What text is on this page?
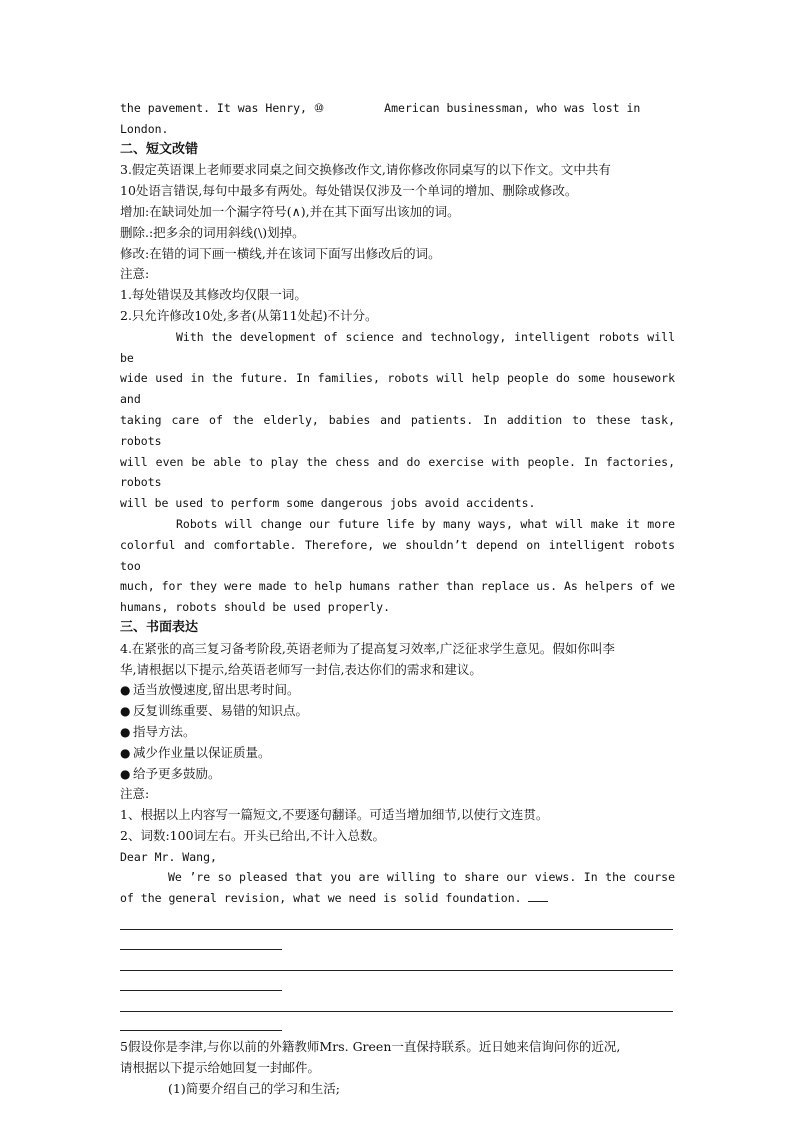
the pavement. It was Henry, ⑩	American businessman, who was lost in
London.
二、短文改错
3.假定英语课上老师要求同桌之间交换修改作文,请你修改你同桌写的以下作文。文中共有
10处语言错误,每句中最多有两处。每处错误仅涉及一个单词的增加、删除或修改。
增加:在缺词处加一个漏字符号(∧),并在其下面写出该加的词。
删除.:把多余的词用斜线(\)划掉。
修改:在错的词下画一横线,并在该词下面写出修改后的词。
注意:
1.每处错误及其修改均仅限一词。
2.只允许修改10处,多者(从第11处起)不计分。
With the development of science and technology, intelligent robots will be
wide used in the future. In families, robots will help people do some housework and
taking care of the elderly, babies and patients. In addition to these task, robots
will even be able to play the chess and do exercise with people. In factories, robots
will be used to perform some dangerous jobs avoid accidents.
Robots will change our future life by many ways, what will make it more
colorful and comfortable. Therefore, we shouldn’t depend on intelligent robots too
much, for they were made to help humans rather than replace us. As helpers of we
humans, robots should be used properly.
三、书面表达
4.在紧张的高三复习备考阶段,英语老师为了提高复习效率,广泛征求学生意见。假如你叫李
华,请根据以下提示,给英语老师写一封信,表达你们的需求和建议。
● 适当放慢速度,留出思考时间。
● 反复训练重要、易错的知识点。
● 指导方法。
● 减少作业量以保证质量。
● 给予更多鼓励。
注意:
1、根据以上内容写一篇短文,不要逐句翻译。可适当增加细节,以使行文连贯。
2、词数:100词左右。开头已给出,不计入总数。
Dear Mr. Wang,
We ’re so pleased that you are willing to share our views. In the course
of the general revision, what we need is solid foundation.
5假设你是李津,与你以前的外籍教师Mrs. Green一直保持联系。近日她来信询问你的近况,
请根据以下提示给她回复一封邮件。
(1)简要介绍自己的学习和生活;
